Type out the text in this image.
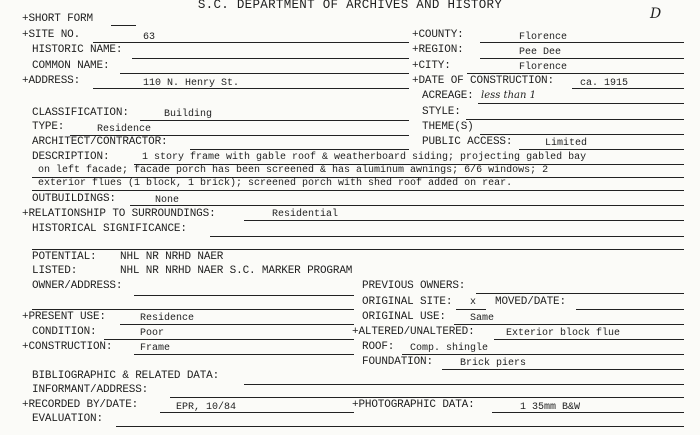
S.C. DEPARTMENT OF ARCHIVES AND HISTORY
D
+SHORT FORM
+SITE NO.	63
HISTORIC NAME:
COMMON NAME:
+ADDRESS:	110 N. Henry St.
CLASSIFICATION:	Building
TYPE:	Residence
ARCHITECT/CONTRACTOR:
+COUNTY:	Florence
+REGION:	Pee Dee
+CITY:	Florence
+DATE OF CONSTRUCTION:	ca. 1915
ACREAGE: less than 1
STYLE:
THEME(S)
PUBLIC ACCESS:	Limited
DESCRIPTION:	1 story frame with gable roof & weatherboard siding; projecting gabled bay
on left facade; facade porch has been screened & has aluminum awnings; 6/6 windows; 2
exterior flues (1 block, 1 brick); screened porch with shed roof added on rear.
OUTBUILDINGS:	None
+RELATIONSHIP TO SURROUNDINGS:	Residential
HISTORICAL SIGNIFICANCE:
POTENTIAL: NHL NR NRHD NAER
LISTED:	NHL NR NRHD NAER S.C. MARKER PROGRAM
OWNER/ADDRESS:	PREVIOUS OWNERS:
ORIGINAL SITE: x MOVED/DATE:
+PRESENT USE:	Residence	ORIGINAL USE: Same
CONDITION:	Poor	+ALTERED/UNALTERED:	Exterior block flue
+CONSTRUCTION:	Frame	ROOF: Comp. shingle
FOUNDATION:	Brick piers
BIBLIOGRAPHIC & RELATED DATA:
INFORMANT/ADDRESS:
+RECORDED BY/DATE:	EPR, 10/84	+PHOTOGRAPHIC DATA:	1 35mm B&W
EVALUATION:
